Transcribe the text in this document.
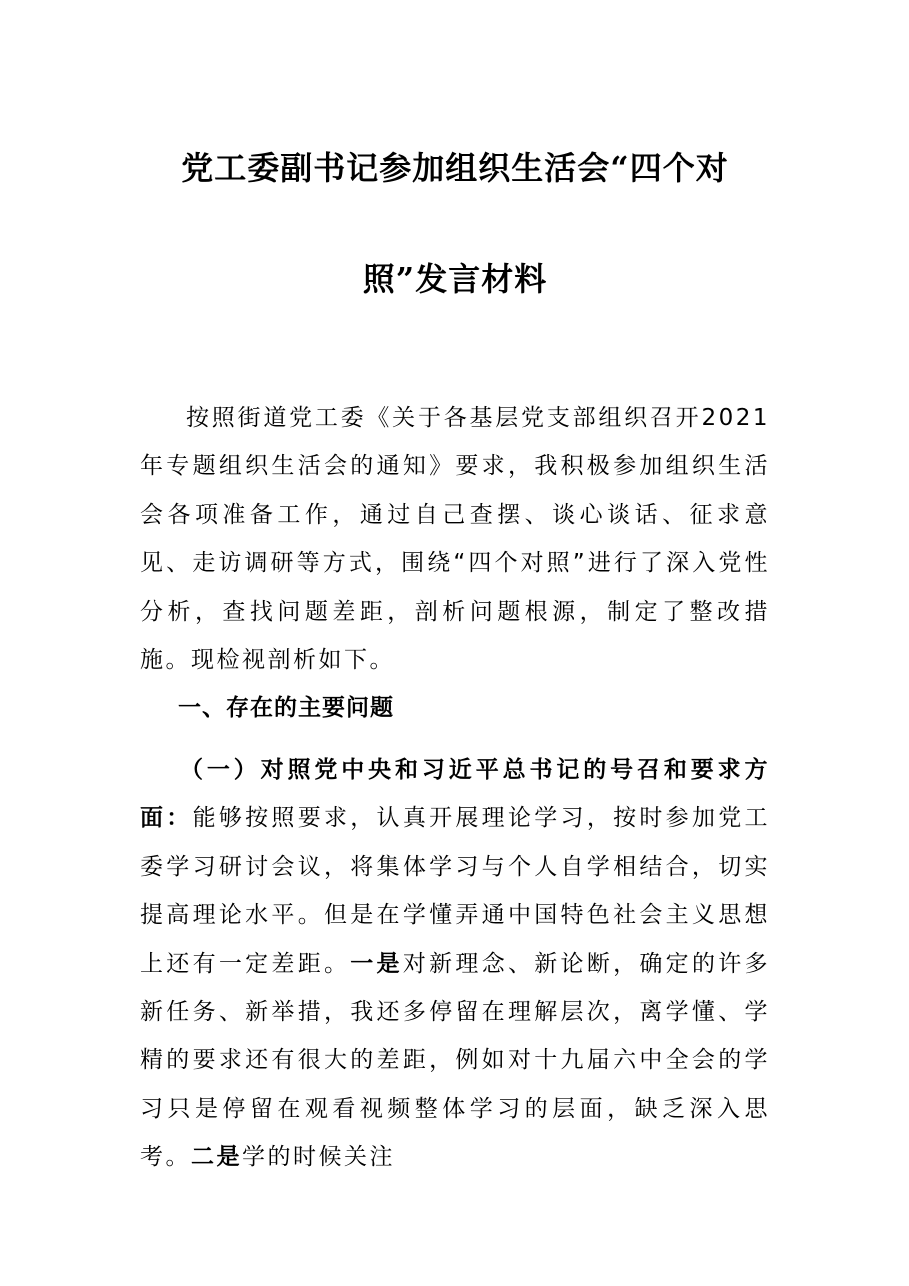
党工委副书记参加组织生活会“四个对
照”发言材料

按照街道党工委《关于各基层党支部组织召开2021年专题组织生活会的通知》要求，我积极参加组织生活会各项准备工作，通过自己查摆、谈心谈话、征求意见、走访调研等方式，围绕“四个对照”进行了深入党性分析，查找问题差距，剖析问题根源，制定了整改措施。现检视剖析如下。

一、存在的主要问题

（一）对照党中央和习近平总书记的号召和要求方面：能够按照要求，认真开展理论学习，按时参加党工委学习研讨会议，将集体学习与个人自学相结合，切实提高理论水平。但是在学懂弄通中国特色社会主义思想上还有一定差距。一是对新理念、新论断，确定的许多新任务、新举措，我还多停留在理解层次，离学懂、学精的要求还有很大的差距，例如对十九届六中全会的学习只是停留在观看视频整体学习的层面，缺乏深入思考。二是学的时候关注
